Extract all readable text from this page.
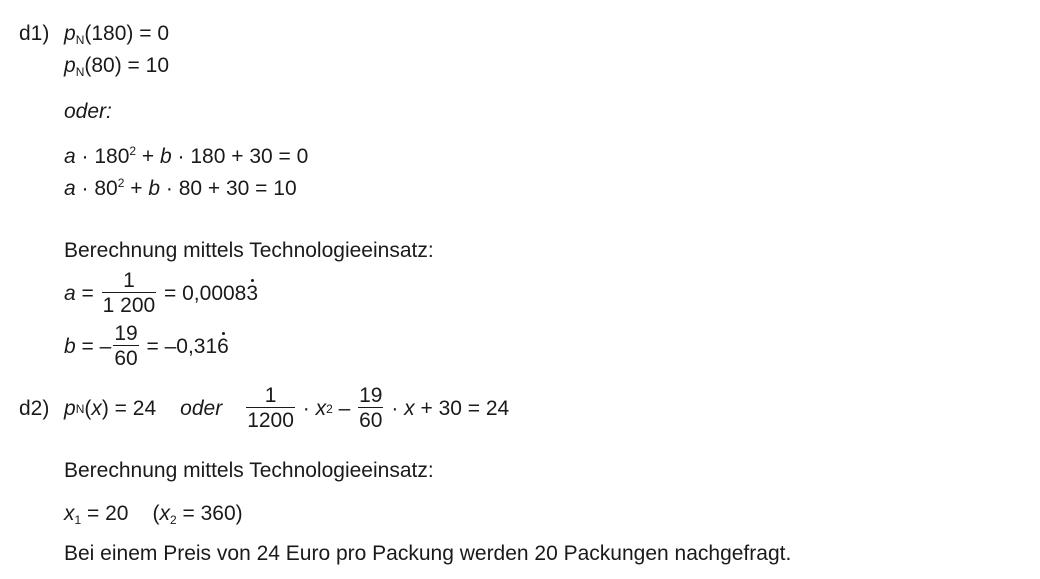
d1) $p_N(180) = 0$
$p_N(80) = 10$
oder:
$a \cdot 180^2 + b \cdot 180 + 30 = 0$
$a \cdot 80^2 + b \cdot 80 + 30 = 10$
Berechnung mittels Technologieeinsatz:
$a = \frac{1}{1 200} = 0,0008$ 3
b = – $\frac{19}{60} = -0,31$ 6
d2) p N ( x ) = 24 oder $\frac{1}{1200} \cdot x$ $2 - \frac{19}{60} \cdot x + 30 = 24$
Berechnung mittels Technologieeinsatz:
$x_1 = 20$ $(x_2 = 360)$
Bei einem Preis von 24 Euro pro Packung werden 20 Packungen nachgefragt.
